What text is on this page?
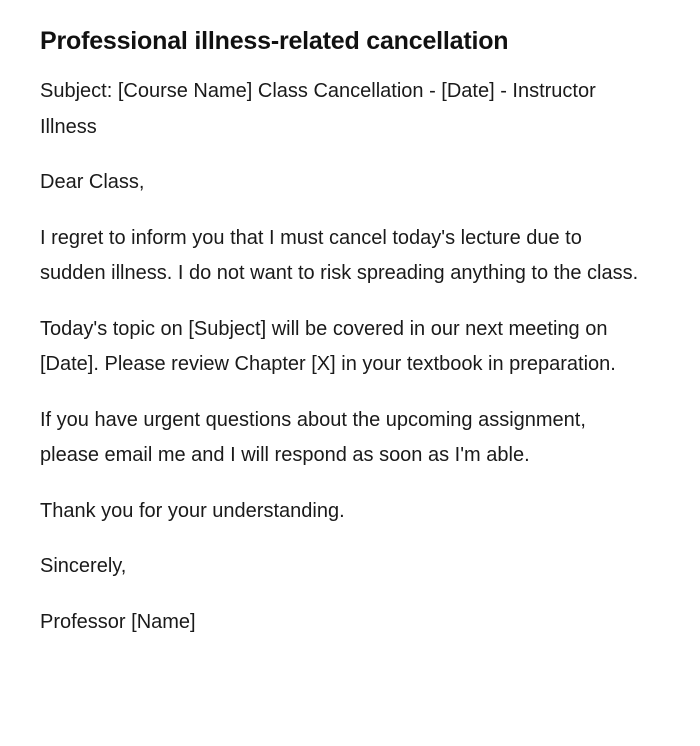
Professional illness-related cancellation

Subject: [Course Name] Class Cancellation - [Date] - Instructor Illness

Dear Class,

I regret to inform you that I must cancel today's lecture due to sudden illness. I do not want to risk spreading anything to the class.

Today's topic on [Subject] will be covered in our next meeting on [Date]. Please review Chapter [X] in your textbook in preparation.

If you have urgent questions about the upcoming assignment, please email me and I will respond as soon as I'm able.

Thank you for your understanding.

Sincerely,

Professor [Name]
